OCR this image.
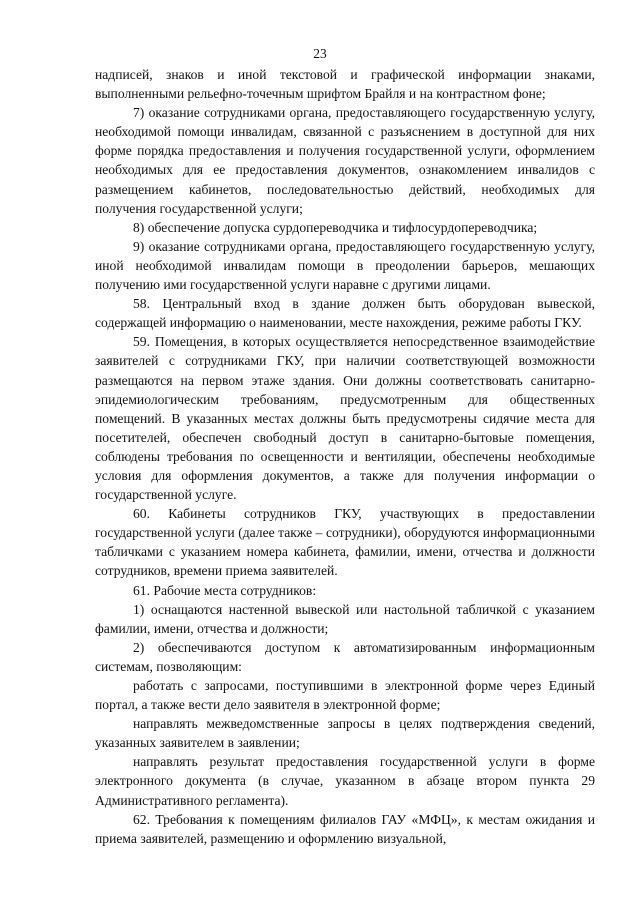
23

надписей, знаков и иной текстовой и графической информации знаками, выполненными рельефно-точечным шрифтом Брайля и на контрастном фоне;

7) оказание сотрудниками органа, предоставляющего государственную услугу, необходимой помощи инвалидам, связанной с разъяснением в доступной для них форме порядка предоставления и получения государственной услуги, оформлением необходимых для ее предоставления документов, ознакомлением инвалидов с размещением кабинетов, последовательностью действий, необходимых для получения государственной услуги;

8) обеспечение допуска сурдопереводчика и тифлосурдопереводчика;

9) оказание сотрудниками органа, предоставляющего государственную услугу, иной необходимой инвалидам помощи в преодолении барьеров, мешающих получению ими государственной услуги наравне с другими лицами.

58. Центральный вход в здание должен быть оборудован вывеской, содержащей информацию о наименовании, месте нахождения, режиме работы ГКУ.

59. Помещения, в которых осуществляется непосредственное взаимодействие заявителей с сотрудниками ГКУ, при наличии соответствующей возможности размещаются на первом этаже здания. Они должны соответствовать санитарно-эпидемиологическим требованиям, предусмотренным для общественных помещений. В указанных местах должны быть предусмотрены сидячие места для посетителей, обеспечен свободный доступ в санитарно-бытовые помещения, соблюдены требования по освещенности и вентиляции, обеспечены необходимые условия для оформления документов, а также для получения информации о государственной услуге.

60. Кабинеты сотрудников ГКУ, участвующих в предоставлении государственной услуги (далее также – сотрудники), оборудуются информационными табличками с указанием номера кабинета, фамилии, имени, отчества и должности сотрудников, времени приема заявителей.

61. Рабочие места сотрудников:

1) оснащаются настенной вывеской или настольной табличкой с указанием фамилии, имени, отчества и должности;

2) обеспечиваются доступом к автоматизированным информационным системам, позволяющим:

работать с запросами, поступившими в электронной форме через Единый портал, а также вести дело заявителя в электронной форме;

направлять межведомственные запросы в целях подтверждения сведений, указанных заявителем в заявлении;

направлять результат предоставления государственной услуги в форме электронного документа (в случае, указанном в абзаце втором пункта 29 Административного регламента).

62. Требования к помещениям филиалов ГАУ «МФЦ», к местам ожидания и приема заявителей, размещению и оформлению визуальной,
